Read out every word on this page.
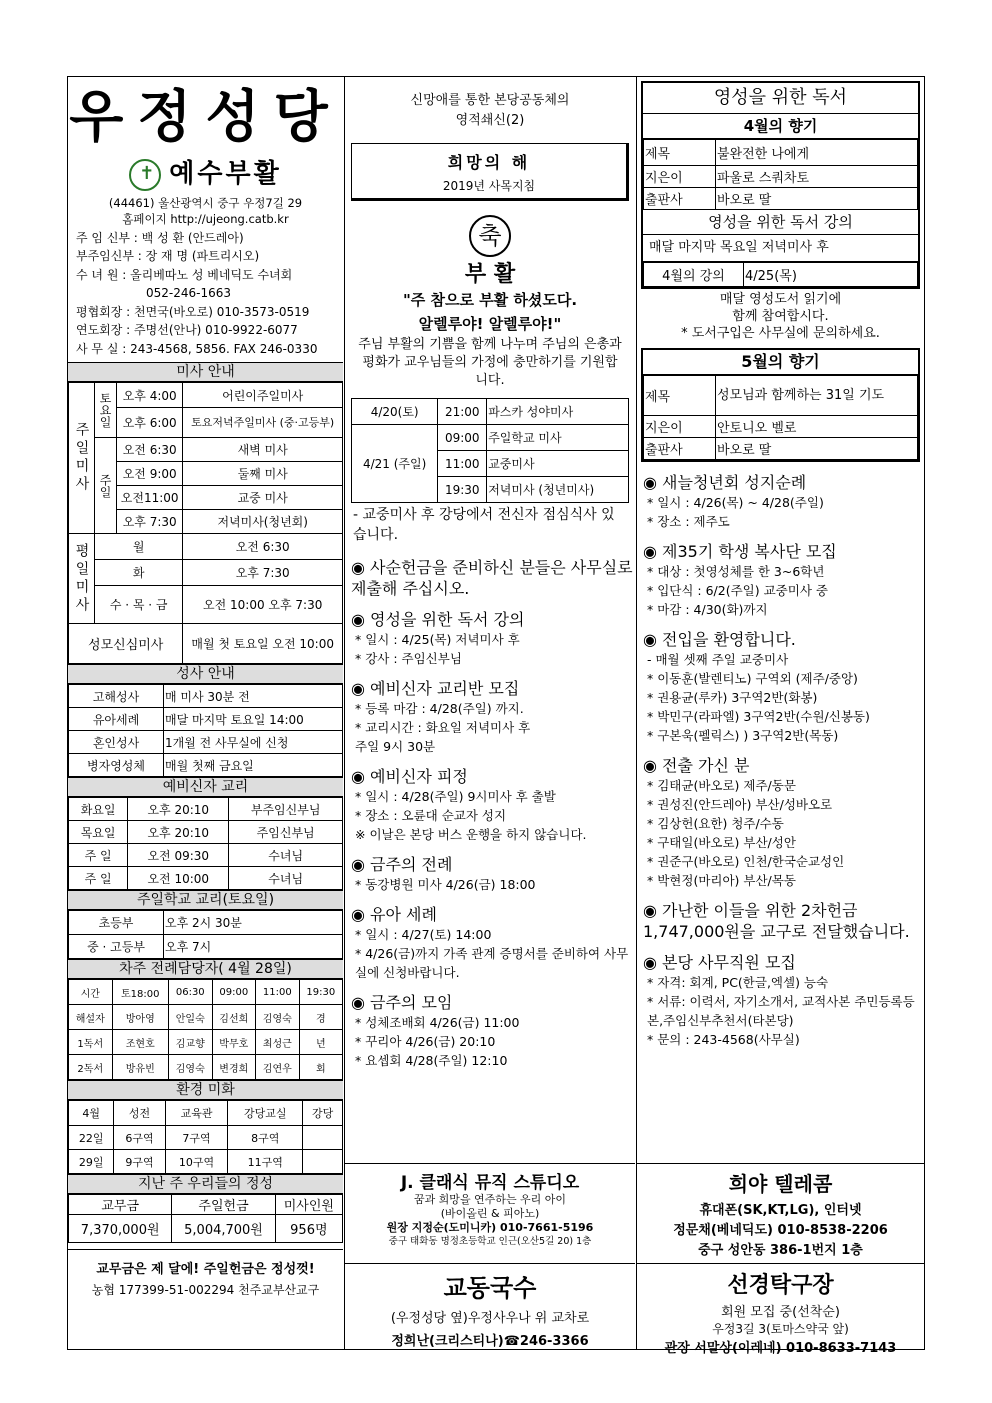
우정성당
✝예수부활
(44461) 울산광역시 중구 우정7길 29
홈페이지 http://ujeong.catb.kr
주 임 신부 : 백 성 환 (안드레아)
부주임신부 : 장 재 명 (파트리시오)
수 녀 원 : 올리베따노 성 베네딕도 수녀회
052-246-1663
평협회장 : 천면국(바오로) 010-3573-0519
연도회장 : 주명선(안나) 010-9922-6077
사 무 실 : 243-4568, 5856. FAX 246-0330
미사 안내
주일미사	토요일	오후 4:00	어린이주일미사
		오후 6:00	토요저녁주일미사 (중·고등부)
	주일	오전 6:30	새벽 미사
		오전 9:00	둘째 미사
		오전11:00	교중 미사
		오후 7:30	저녁미사(청년회)
평일미사	월		오전 6:30
	화		오후 7:30
	수 · 목 · 금		오전 10:00 오후 7:30
성모신심미사			매월 첫 토요일 오전 10:00
성사 안내
고해성사	매 미사 30분 전
유아세례	매달 마지막 토요일 14:00
혼인성사	1개월 전 사무실에 신청
병자영성체	매월 첫째 금요일
예비신자 교리
화요일	오후 20:10	부주임신부님
목요일	오후 20:10	주임신부님
주 일	오전 09:30	수녀님
주 일	오전 10:00	수녀님
주일학교 교리(토요일)
초등부	오후 2시 30분
중 · 고등부	오후 7시
차주 전례담당자( 4월 28일)
시간	토18:00	06:30	09:00	11:00	19:30
해설자	방아영	안일숙	김선희	김영숙	경
1독서	조현호	김교향	박무호	최성근	년
2독서	방유빈	김영숙	변경희	김연우	회
환경 미화
4월	성전	교육관	강당교실	강당
22일	6구역	7구역	8구역	
29일	9구역	10구역	11구역	
지난 주 우리들의 정성
교무금	주일헌금	미사인원
7,370,000원	5,004,700원	956명
교무금은 제 달에! 주일헌금은 정성껏!
농협 177399-51-002294 천주교부산교구
신망애를 통한 본당공동체의
영적쇄신(2)
희망의 해
2019년 사목지침
축
부 활
"주 참으로 부활 하셨도다.
알렐루야! 알렐루야!"
주님 부활의 기쁨을 함께 나누며 주님의 은총과 평화가 교우님들의 가정에 충만하기를 기원합니다.
4/20(토)	21:00	파스카 성야미사
4/21 (주일)	09:00	주일학교 미사
	11:00	교중미사
	19:30	저녁미사 (청년미사)
- 교중미사 후 강당에서 전신자 점심식사 있습니다.
◉ 사순헌금을 준비하신 분들은 사무실로 제출해 주십시오.
◉ 영성을 위한 독서 강의
* 일시 : 4/25(목) 저녁미사 후
* 강사 : 주임신부님
◉ 예비신자 교리반 모집
* 등록 마감 : 4/28(주일) 까지.
* 교리시간 : 화요일 저녁미사 후
주일 9시 30분
◉ 예비신자 피정
* 일시 : 4/28(주일) 9시미사 후 출발
* 장소 : 오륜대 순교자 성지
※ 이날은 본당 버스 운행을 하지 않습니다.
◉ 금주의 전례
* 동강병원 미사 4/26(금) 18:00
◉ 유아 세례
* 일시 : 4/27(토) 14:00
* 4/26(금)까지 가족 관계 증명서를 준비하여 사무실에 신청바랍니다.
◉ 금주의 모임
* 성체조배회 4/26(금) 11:00
* 꾸리아 4/26(금) 20:10
* 요셉회 4/28(주일) 12:10
J. 클래식 뮤직 스튜디오
꿈과 희망을 연주하는 우리 아이
(바이올린 & 피아노)
원장 지정순(도미니카) 010-7661-5196
중구 태화동 명정초등학교 인근(오산5길 20) 1층
교동국수
(우정성당 옆)우정사우나 위 교차로
정희난(크리스티나)☎246-3366
영성을 위한 독서
4월의 향기
제목	불완전한 나에게
지은이	파울로 스쿼차토
출판사	바오로 딸
영성을 위한 독서 강의
매달 마지막 목요일 저녁미사 후
4월의 강의	4/25(목)
매달 영성도서 읽기에
함께 참여합시다.
* 도서구입은 사무실에 문의하세요.
5월의 향기
제목	성모님과 함께하는 31일 기도
지은이	안토니오 벨로
출판사	바오로 딸
◉ 새늘청년회 성지순례
* 일시 : 4/26(목) ~ 4/28(주일)
* 장소 : 제주도
◉ 제35기 학생 복사단 모집
* 대상 : 첫영성체를 한 3~6학년
* 입단식 : 6/2(주일) 교중미사 중
* 마감 : 4/30(화)까지
◉ 전입을 환영합니다.
- 매월 셋째 주일 교중미사
* 이동훈(발렌티노) 구역외 (제주/중앙)
* 권용균(루카) 3구역2반(화봉)
* 박민구(라파엘) 3구역2반(수원/신봉동)
* 구본욱(펠릭스) ) 3구역2반(목동)
◉ 전출 가신 분
* 김태균(바오로) 제주/동문
* 권성진(안드레아) 부산/성바오로
* 김상헌(요한) 청주/수동
* 구태일(바오로) 부산/성안
* 권준구(바오로) 인천/한국순교성인
* 박현정(마리아) 부산/목동
◉ 가난한 이들을 위한 2차헌금 1,747,000원을 교구로 전달했습니다.
◉ 본당 사무직원 모집
* 자격: 회계, PC(한글,엑셀) 능숙
* 서류: 이력서, 자기소개서, 교적사본 주민등록등본,주임신부추천서(타본당)
* 문의 : 243-4568(사무실)
희야 텔레콤
휴대폰(SK,KT,LG), 인터넷
정문채(베네딕도) 010-8538-2206
중구 성안동 386-1번지 1층
선경탁구장
회원 모집 중(선착순)
우정3길 3(토마스약국 앞)
관장 서말상(이레네) 010-8633-7143
